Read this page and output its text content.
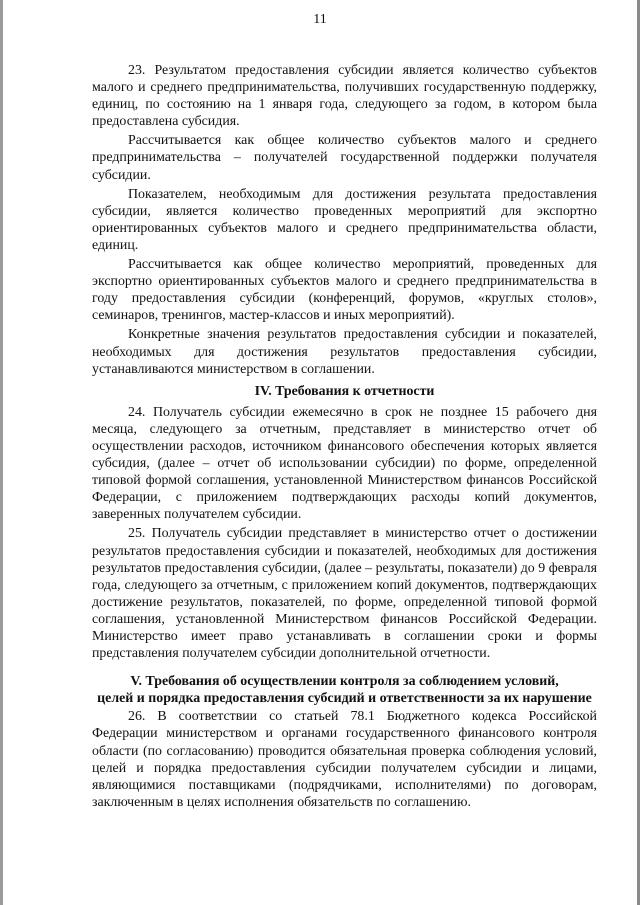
11

23. Результатом предоставления субсидии является количество субъектов малого и среднего предпринимательства, получивших государственную поддержку, единиц, по состоянию на 1 января года, следующего за годом, в котором была предоставлена субсидия.

Рассчитывается как общее количество субъектов малого и среднего предпринимательства – получателей государственной поддержки получателя субсидии.

Показателем, необходимым для достижения результата предоставления субсидии, является количество проведенных мероприятий для экспортно ориентированных субъектов малого и среднего предпринимательства области, единиц.

Рассчитывается как общее количество мероприятий, проведенных для экспортно ориентированных субъектов малого и среднего предпринимательства в году предоставления субсидии (конференций, форумов, «круглых столов», семинаров, тренингов, мастер-классов и иных мероприятий).

Конкретные значения результатов предоставления субсидии и показателей, необходимых для достижения результатов предоставления субсидии, устанавливаются министерством в соглашении.

IV. Требования к отчетности

24. Получатель субсидии ежемесячно в срок не позднее 15 рабочего дня месяца, следующего за отчетным, представляет в министерство отчет об осуществлении расходов, источником финансового обеспечения которых является субсидия, (далее – отчет об использовании субсидии) по форме, определенной типовой формой соглашения, установленной Министерством финансов Российской Федерации, с приложением подтверждающих расходы копий документов, заверенных получателем субсидии.

25. Получатель субсидии представляет в министерство отчет о достижении результатов предоставления субсидии и показателей, необходимых для достижения результатов предоставления субсидии, (далее – результаты, показатели) до 9 февраля года, следующего за отчетным, с приложением копий документов, подтверждающих достижение результатов, показателей, по форме, определенной типовой формой соглашения, установленной Министерством финансов Российской Федерации. Министерство имеет право устанавливать в соглашении сроки и формы представления получателем субсидии дополнительной отчетности.

V. Требования об осуществлении контроля за соблюдением условий,
целей и порядка предоставления субсидий и ответственности за их нарушение

26. В соответствии со статьей 78.1 Бюджетного кодекса Российской Федерации министерством и органами государственного финансового контроля области (по согласованию) проводится обязательная проверка соблюдения условий, целей и порядка предоставления субсидии получателем субсидии и лицами, являющимися поставщиками (подрядчиками, исполнителями) по договорам, заключенным в целях исполнения обязательств по соглашению.
